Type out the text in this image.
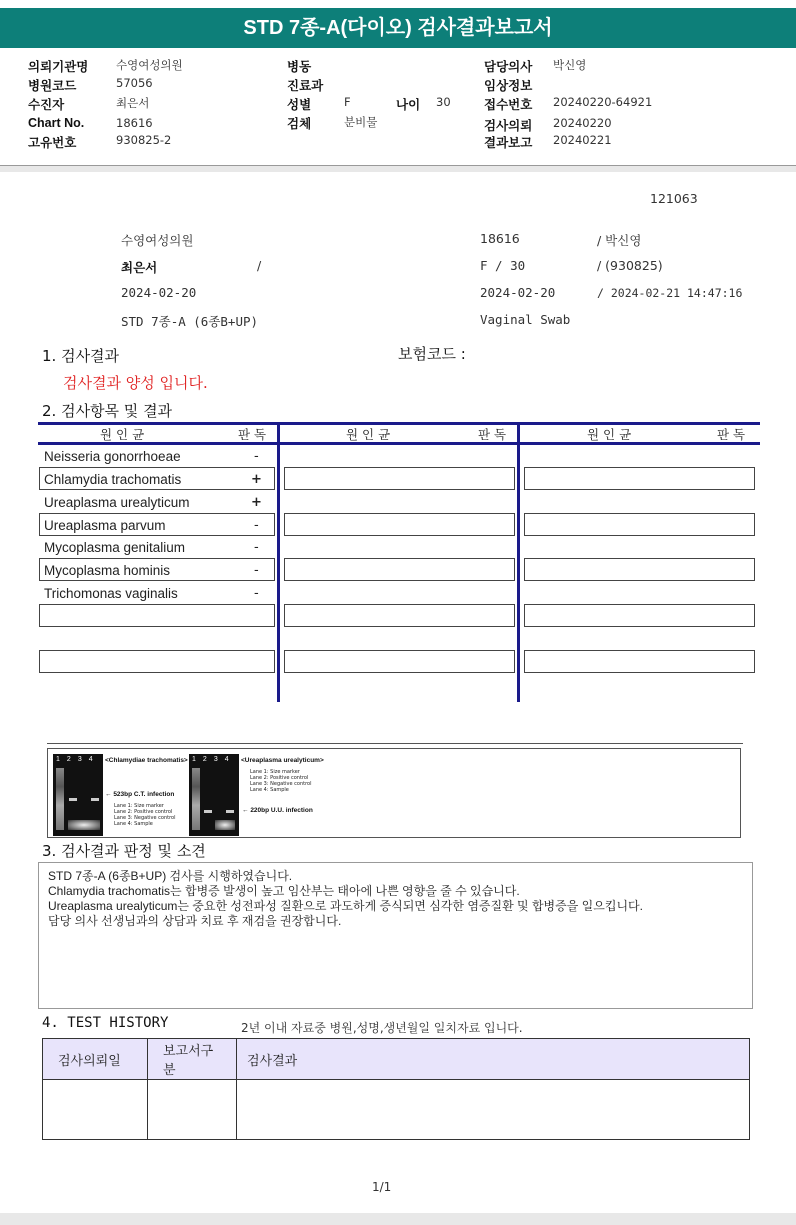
STD 7종-A(다이오) 검사결과보고서
의뢰기관명 수영여성의원
병원코드	57056
수진자	최은서
Chart No.	18616
고유번호	930825-2
병동
진료과
성별	F	나이 30
검체	분비물
담당의사 박신영
임상정보
접수번호 20240220-64921
검사의뢰 20240220
결과보고 20240221
121063
수영여성의원	18616	/ 박신영
최은서	/	F / 30	/ (930825)
2024-02-20	2024-02-20	/ 2024-02-21 14:47:16
STD 7종-A (6종B+UP)	Vaginal Swab
1. 검사결과	보험코드 :
검사결과 양성 입니다.
2. 검사항목 및 결과
원 인 균	판 독	원 인 균	판 독	원 인 균	판 독
Neisseria gonorrhoeae	-
Chlamydia trachomatis	+
Ureaplasma urealyticum	+
Ureaplasma parvum	-
Mycoplasma genitalium	-
Mycoplasma hominis	-
Trichomonas vaginalis	-
1234 <Chlamydiae trachomatis>
← 523bp C.T. infection
Lane 1: Size marker
Lane 2: Positive control
Lane 3: Negative control
Lane 4: Sample
1234 <Ureaplasma urealyticum>
Lane 1: Size marker
Lane 2: Positive control
Lane 3: Negative control
Lane 4: Sample
← 220bp U.U. infection
3. 검사결과 판정 및 소견
STD 7종-A (6종B+UP) 검사를 시행하였습니다.
Chlamydia trachomatis는 합병증 발생이 높고 임산부는 태아에 나쁜 영향을 줄 수 있습니다.
Ureaplasma urealyticum는 중요한 성전파성 질환으로 과도하게 증식되면 심각한 염증질환 및 합병증을 일으킵니다.
담당 의사 선생님과의 상담과 치료 후 재검을 권장합니다.
4. TEST HISTORY	2년 이내 자료중 병원,성명,생년월일 일치자료 입니다.
검사의뢰일	보고서구분	검사결과

1/1
